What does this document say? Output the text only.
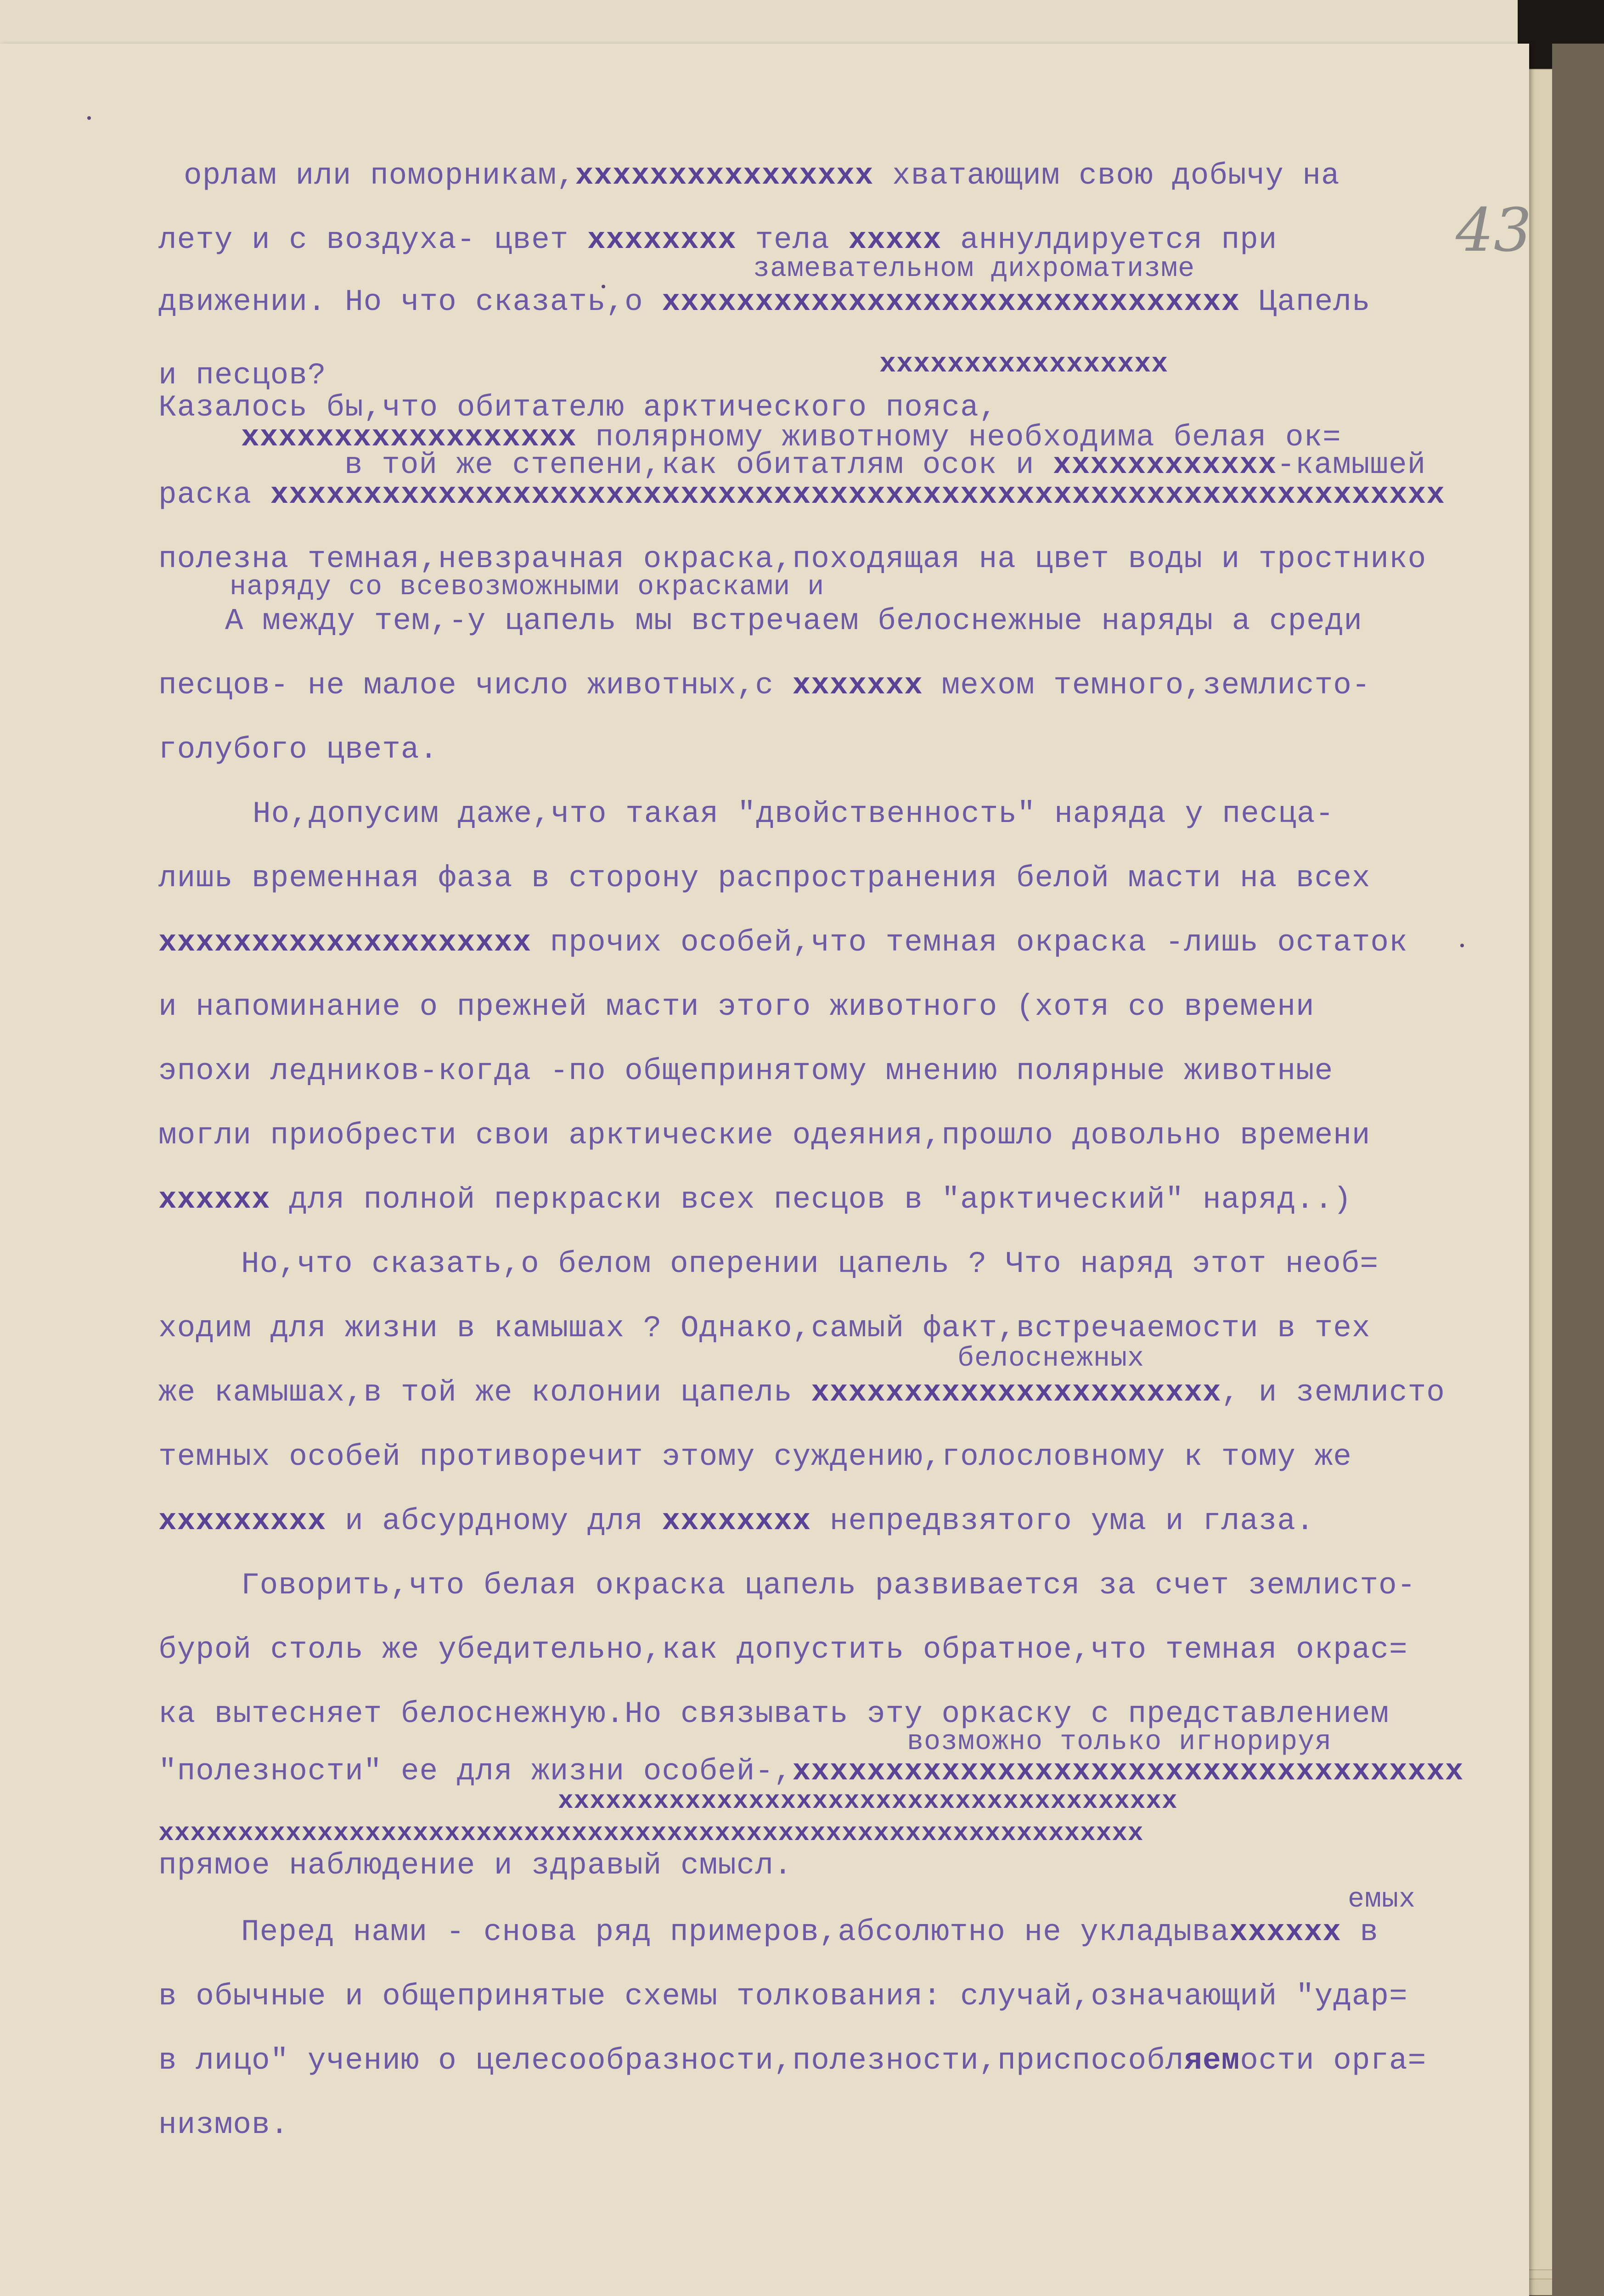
43
орлам или поморникам,xxxxxxxxxxxxxxxx хватающим свою добычу на
лету и с воздуха- цвет xxxxxxxx тела xxxxx аннулдируется при
замевательном дихроматизме
движении. Но что сказать,о xxxxxxxxxxxxxxxxxxxxxxxxxxxxxxx Цапель
xxxxxxxxxxxxxxxxx
и песцов?
Казалось бы,что обитателю арктического пояса,
xxxxxxxxxxxxxxxxxx полярному животному необходима белая ок=
в той же степени,как обитатлям осок и xxxxxxxxxxxx-камышей
раска xxxxxxxxxxxxxxxxxxxxxxxxxxxxxxxxxxxxxxxxxxxxxxxxxxxxxxxxxxxxxxx
полезна темная,невзрачная окраска,походящая на цвет воды и тростнико
наряду со всевозможными окрасками и
А между тем,-у цапель мы встречаем белоснежные наряды а среди
песцов- не малое число животных,с xxxxxxx мехом темного,землисто-
голубого цвета.
Но,допусим даже,что такая "двойственность" наряда у песца-
лишь временная фаза в сторону распространения белой масти на всех
xxxxxxxxxxxxxxxxxxxx прочих особей,что темная окраска -лишь остаток
и напоминание о прежней масти этого животного (хотя со времени
эпохи ледников-когда -по общепринятому мнению полярные животные
могли приобрести свои арктические одеяния,прошло довольно времени
xxxxxx для полной перкраски всех песцов в "арктический" наряд..)
Но,что сказать,о белом оперении цапель ? Что наряд этот необ=
ходим для жизни в камышах ? Однако,самый факт,встречаемости в тех
белоснежных
же камышах,в той же колонии цапель xxxxxxxxxxxxxxxxxxxxxx, и землисто
темных особей противоречит этому суждению,голословному к тому же
xxxxxxxxx и абсурдному для xxxxxxxx непредвзятого ума и глаза.
Говорить,что белая окраска цапель развивается за счет землисто-
бурой столь же убедительно,как допустить обратное,что темная окрас=
ка вытесняет белоснежную.Но связывать эту оркаску с представлением
возможно только игнорируя
"полезности" ее для жизни особей-,xxxxxxxxxxxxxxxxxxxxxxxxxxxxxxxxxxxx
xxxxxxxxxxxxxxxxxxxxxxxxxxxxxxxxxxxxxxx
xxxxxxxxxxxxxxxxxxxxxxxxxxxxxxxxxxxxxxxxxxxxxxxxxxxxxxxxxxxxxx
прямое наблюдение и здравый смысл.
емых
Перед нами - снова ряд примеров,абсолютно не укладываxxxxxx в
в обычные и общепринятые схемы толкования: случай,означающий "удар=
в лицо" учению о целесообразности,полезности,приспособляемости орга=
низмов.
